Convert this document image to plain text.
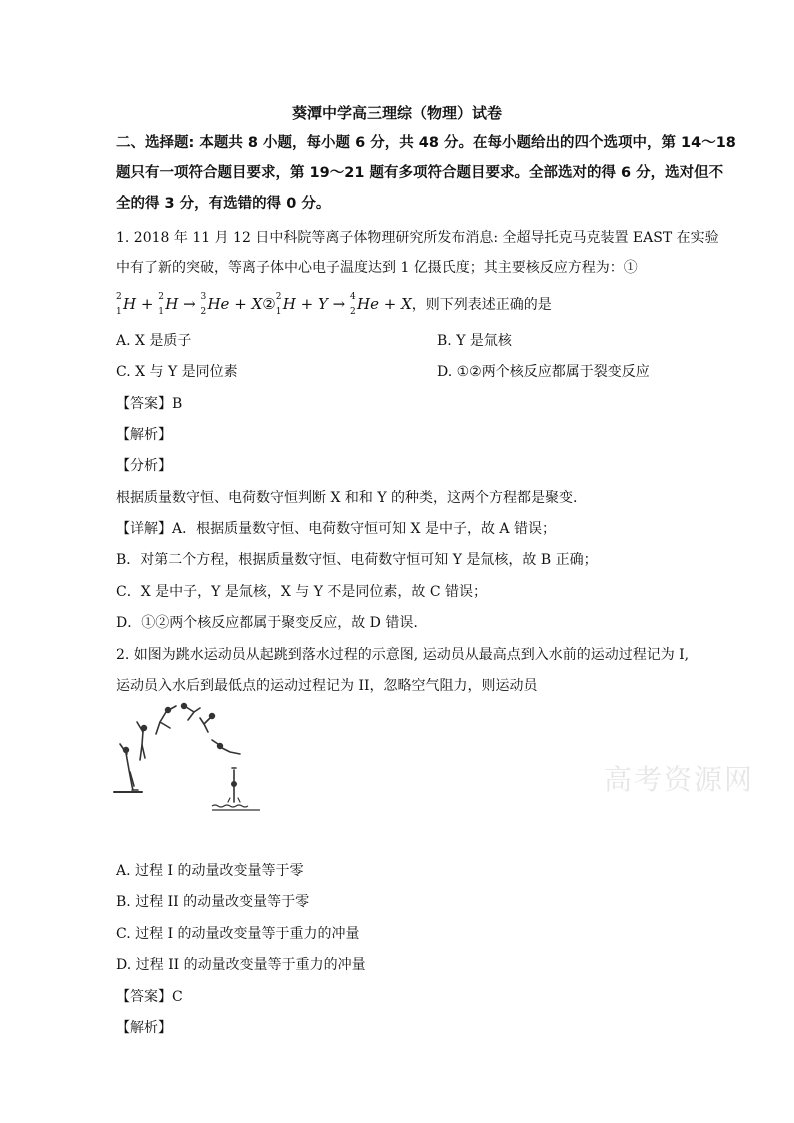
葵潭中学高三理综（物理）试卷
二、选择题: 本题共 8 小题，每小题 6 分，共 48 分。在每小题给出的四个选项中，第 14～18
题只有一项符合题目要求，第 19～21 题有多项符合题目要求。全部选对的得 6 分，选对但不
全的得 3 分，有选错的得 0 分。
1. 2018 年 11 月 12 日中科院等离子体物理研究所发布消息: 全超导托克马克装置 EAST 在实验
中有了新的突破，等离子体中心电子温度达到 1 亿摄氏度；其主要核反应方程为：①
2
1 H + 2
1 H → 3
2 He + X② 2
1 H + Y → 4
2 He + X，则下列表述正确的是
A. X 是质子	B. Y 是氚核
C. X 与 Y 是同位素	D. ①②两个核反应都属于裂变反应
【答案】B
【解析】
【分析】
根据质量数守恒、电荷数守恒判断 X 和和 Y 的种类，这两个方程都是聚变.
【详解】A．根据质量数守恒、电荷数守恒可知 X 是中子，故 A 错误；
B．对第二个方程，根据质量数守恒、电荷数守恒可知 Y 是氚核，故 B 正确；
C．X 是中子，Y 是氚核，X 与 Y 不是同位素，故 C 错误；
D．①②两个核反应都属于聚变反应，故 D 错误.
2. 如图为跳水运动员从起跳到落水过程的示意图, 运动员从最高点到入水前的运动过程记为 I,
运动员入水后到最低点的运动过程记为 II，忽略空气阻力，则运动员
高考资源网
A. 过程 I 的动量改变量等于零
B. 过程 II 的动量改变量等于零
C. 过程 I 的动量改变量等于重力的冲量
D. 过程 II 的动量改变量等于重力的冲量
【答案】C
【解析】
